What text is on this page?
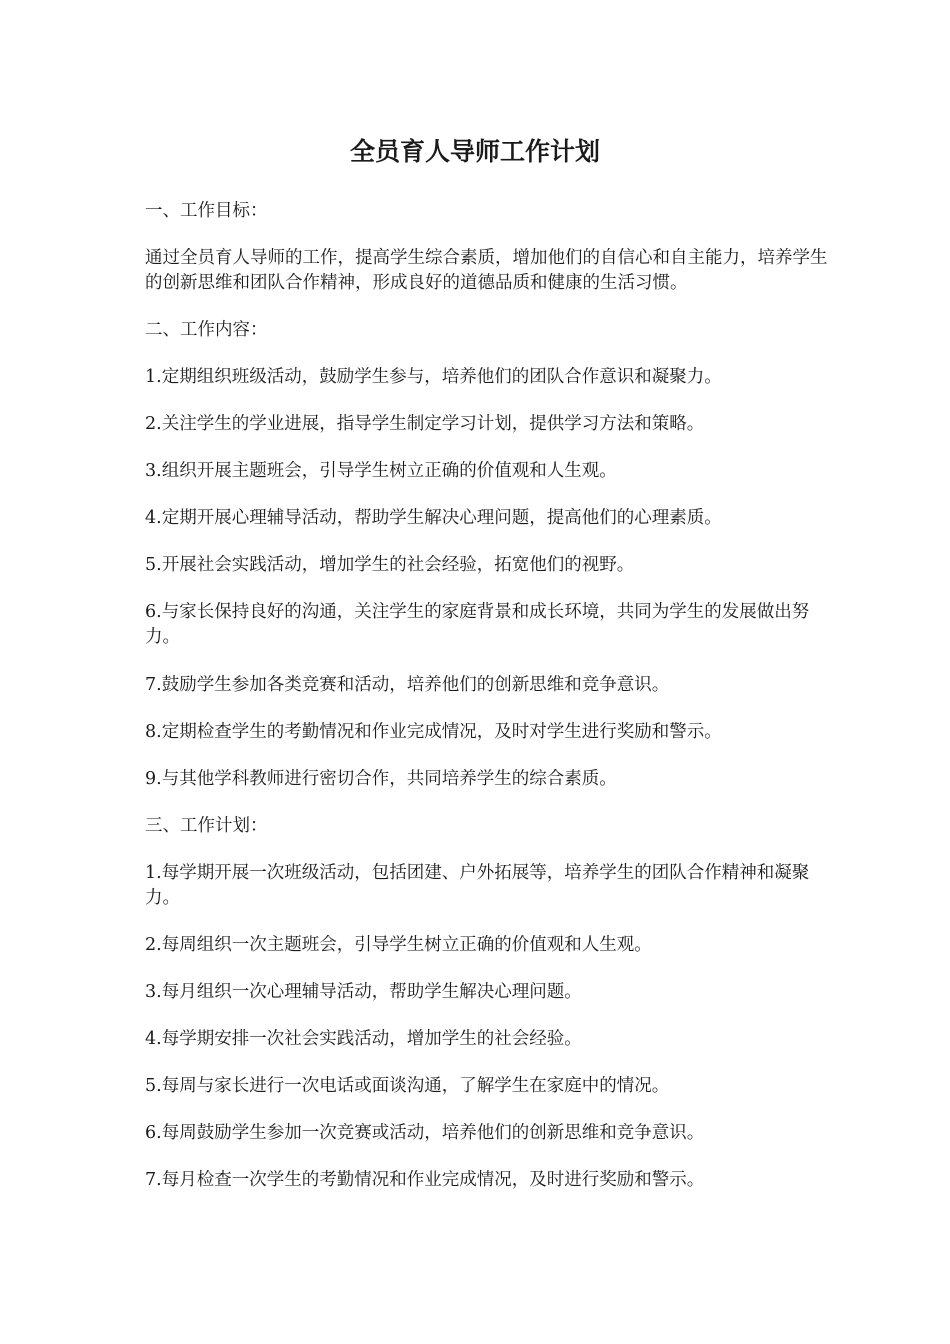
全员育人导师工作计划

一、工作目标：

通过全员育人导师的工作，提高学生综合素质，增加他们的自信心和自主能力，培养学生的创新思维和团队合作精神，形成良好的道德品质和健康的生活习惯。

二、工作内容：

1.定期组织班级活动，鼓励学生参与，培养他们的团队合作意识和凝聚力。

2.关注学生的学业进展，指导学生制定学习计划，提供学习方法和策略。

3.组织开展主题班会，引导学生树立正确的价值观和人生观。

4.定期开展心理辅导活动，帮助学生解决心理问题，提高他们的心理素质。

5.开展社会实践活动，增加学生的社会经验，拓宽他们的视野。

6.与家长保持良好的沟通，关注学生的家庭背景和成长环境，共同为学生的发展做出努力。

7.鼓励学生参加各类竞赛和活动，培养他们的创新思维和竞争意识。

8.定期检查学生的考勤情况和作业完成情况，及时对学生进行奖励和警示。

9.与其他学科教师进行密切合作，共同培养学生的综合素质。

三、工作计划：

1.每学期开展一次班级活动，包括团建、户外拓展等，培养学生的团队合作精神和凝聚力。

2.每周组织一次主题班会，引导学生树立正确的价值观和人生观。

3.每月组织一次心理辅导活动，帮助学生解决心理问题。

4.每学期安排一次社会实践活动，增加学生的社会经验。

5.每周与家长进行一次电话或面谈沟通，了解学生在家庭中的情况。

6.每周鼓励学生参加一次竞赛或活动，培养他们的创新思维和竞争意识。

7.每月检查一次学生的考勤情况和作业完成情况，及时进行奖励和警示。
